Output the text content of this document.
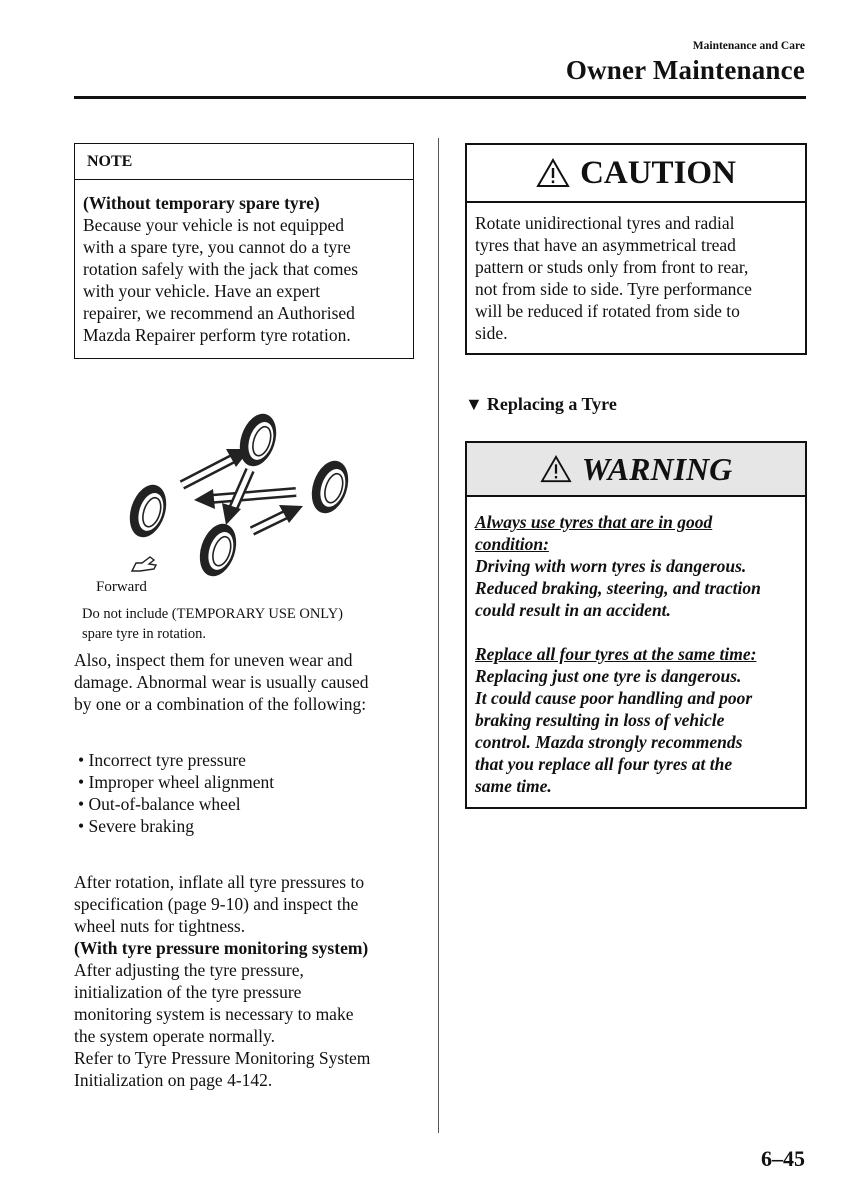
Maintenance and Care
Owner Maintenance
NOTE
(Without temporary spare tyre)
Because your vehicle is not equipped
with a spare tyre, you cannot do a tyre
rotation safely with the jack that comes
with your vehicle. Have an expert
repairer, we recommend an Authorised
Mazda Repairer perform tyre rotation.
Forward
Do not include (TEMPORARY USE ONLY)
spare tyre in rotation.
Also, inspect them for uneven wear and
damage. Abnormal wear is usually caused
by one or a combination of the following:
• Incorrect tyre pressure
• Improper wheel alignment
• Out-of-balance wheel
• Severe braking
After rotation, inflate all tyre pressures to
specification (page 9-10) and inspect the
wheel nuts for tightness.
(With tyre pressure monitoring system)
After adjusting the tyre pressure,
initialization of the tyre pressure
monitoring system is necessary to make
the system operate normally.
Refer to Tyre Pressure Monitoring System
Initialization on page 4-142.
CAUTION
Rotate unidirectional tyres and radial
tyres that have an asymmetrical tread
pattern or studs only from front to rear,
not from side to side. Tyre performance
will be reduced if rotated from side to
side.
▼ Replacing a Tyre
WARNING
Always use tyres that are in good
condition:
Driving with worn tyres is dangerous.
Reduced braking, steering, and traction
could result in an accident.
Replace all four tyres at the same time:
Replacing just one tyre is dangerous.
It could cause poor handling and poor
braking resulting in loss of vehicle
control. Mazda strongly recommends
that you replace all four tyres at the
same time.
6–45
